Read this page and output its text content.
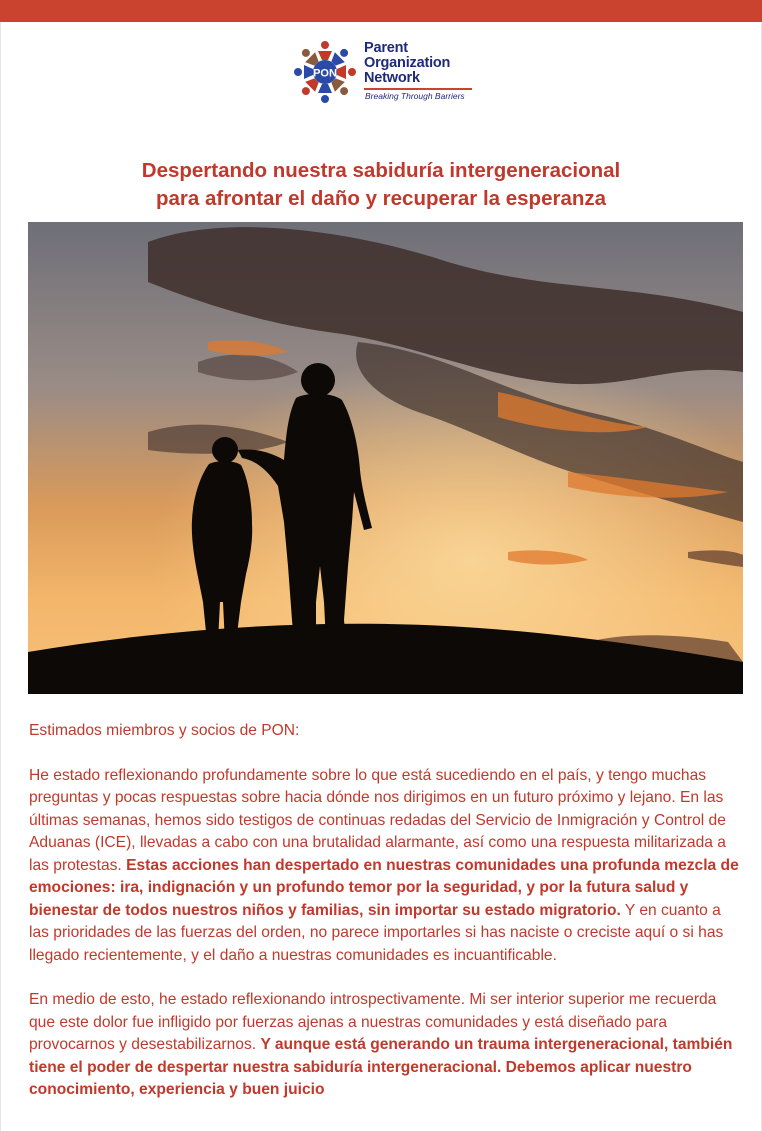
PON
Parent
Organization
Network
Breaking Through Barriers
Despertando nuestra sabiduría intergeneracional
para afrontar el daño y recuperar la esperanza

Estimados miembros y socios de PON:

He estado reflexionando profundamente sobre lo que está sucediendo en el país, y tengo muchas preguntas y pocas respuestas sobre hacia dónde nos dirigimos en un futuro próximo y lejano. En las últimas semanas, hemos sido testigos de continuas redadas del Servicio de Inmigración y Control de Aduanas (ICE), llevadas a cabo con una brutalidad alarmante, así como una respuesta militarizada a las protestas. Estas acciones han despertado en nuestras comunidades una profunda mezcla de emociones: ira, indignación y un profundo temor por la seguridad, y por la futura salud y bienestar de todos nuestros niños y familias, sin importar su estado migratorio. Y en cuanto a las prioridades de las fuerzas del orden, no parece importarles si has naciste o creciste aquí o si has llegado recientemente, y el daño a nuestras comunidades es incuantificable.

En medio de esto, he estado reflexionando introspectivamente. Mi ser interior superior me recuerda que este dolor fue infligido por fuerzas ajenas a nuestras comunidades y está diseñado para provocarnos y desestabilizarnos. Y aunque está generando un trauma intergeneracional, también tiene el poder de despertar nuestra sabiduría intergeneracional. Debemos aplicar nuestro conocimiento, experiencia y buen juicio
